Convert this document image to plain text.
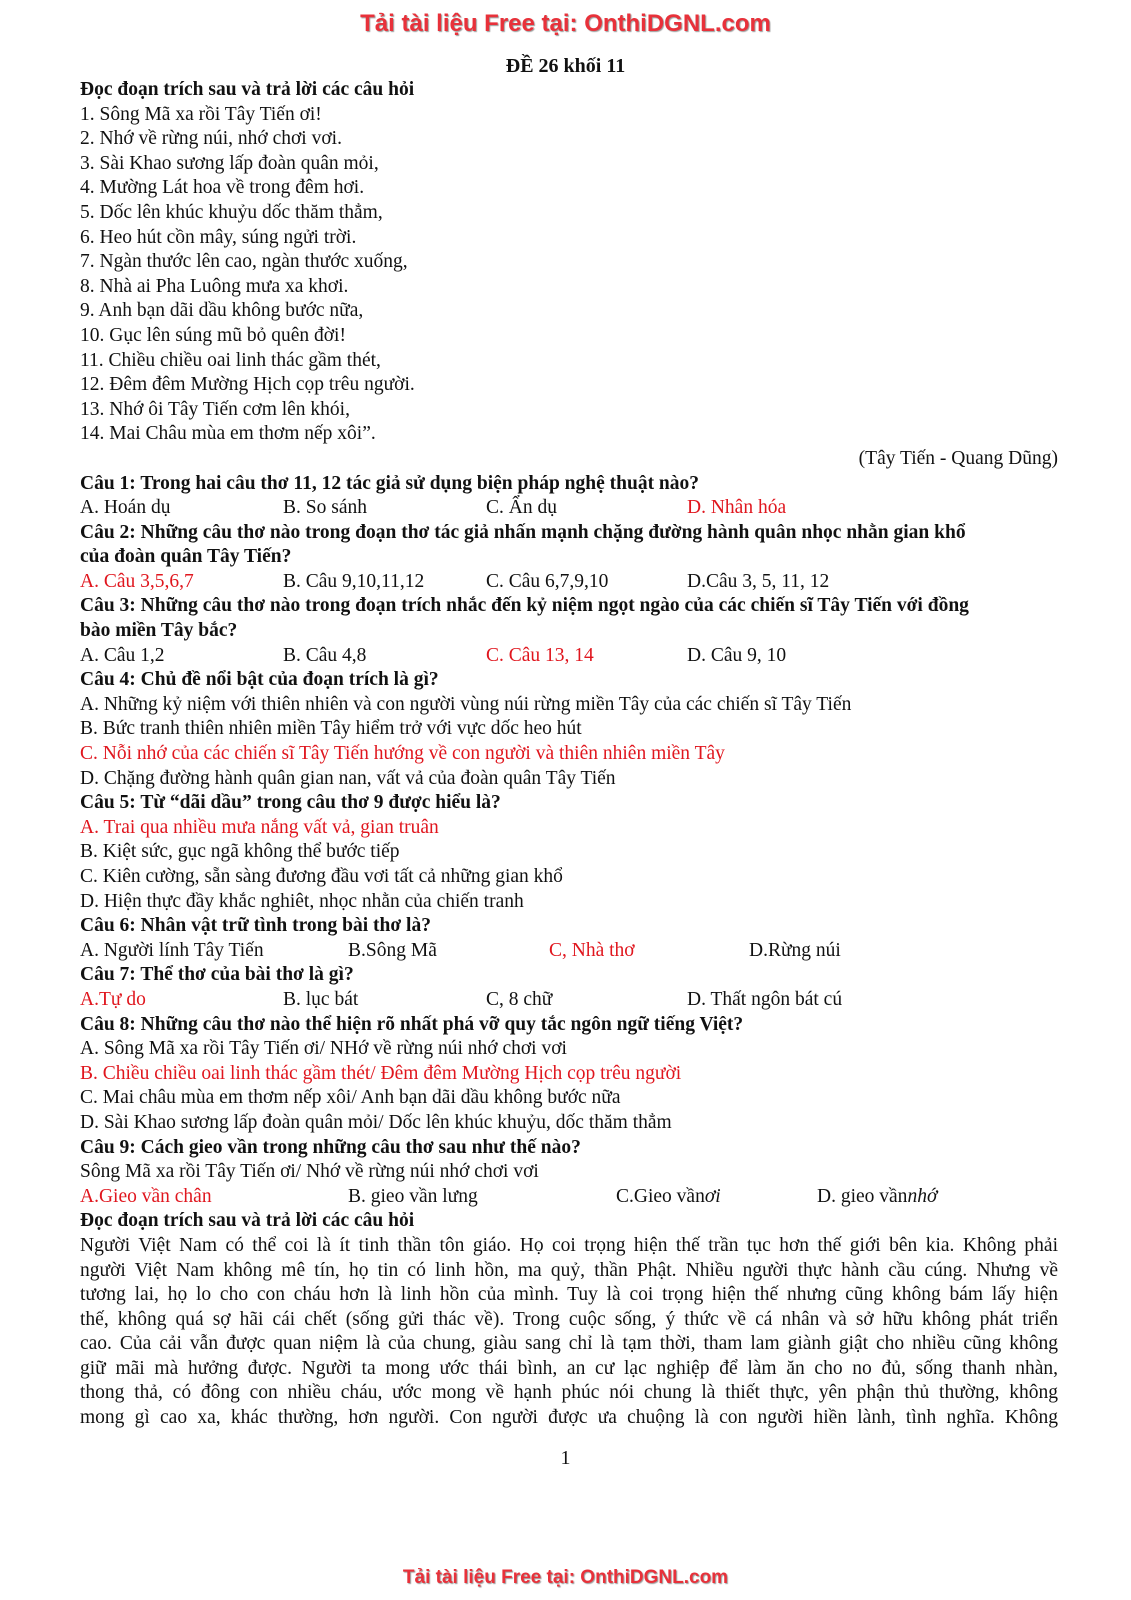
Tải tài liệu Free tại: OnthiDGNL.com
ĐỀ 26 khối 11
Đọc đoạn trích sau và trả lời các câu hỏi
1. Sông Mã xa rồi Tây Tiến ơi!
2. Nhớ về rừng núi, nhớ chơi vơi.
3. Sài Khao sương lấp đoàn quân mỏi,
4. Mường Lát hoa về trong đêm hơi.
5. Dốc lên khúc khuỷu dốc thăm thẳm,
6. Heo hút cồn mây, súng ngửi trời.
7. Ngàn thước lên cao, ngàn thước xuống,
8. Nhà ai Pha Luông mưa xa khơi.
9. Anh bạn dãi dầu không bước nữa,
10. Gục lên súng mũ bỏ quên đời!
11. Chiều chiều oai linh thác gầm thét,
12. Đêm đêm Mường Hịch cọp trêu người.
13. Nhớ ôi Tây Tiến cơm lên khói,
14. Mai Châu mùa em thơm nếp xôi”.
(Tây Tiến - Quang Dũng)
Câu 1: Trong hai câu thơ 11, 12 tác giả sử dụng biện pháp nghệ thuật nào?
A. Hoán dụ	B. So sánh	C. Ẩn dụ	D. Nhân hóa
Câu 2: Những câu thơ nào trong đoạn thơ tác giả nhấn mạnh chặng đường hành quân nhọc nhằn gian khổ
của đoàn quân Tây Tiến?
A. Câu 3,5,6,7	B. Câu 9,10,11,12	C. Câu 6,7,9,10	D.Câu 3, 5, 11, 12
Câu 3: Những câu thơ nào trong đoạn trích nhắc đến kỷ niệm ngọt ngào của các chiến sĩ Tây Tiến với đồng
bào miền Tây bắc?
A. Câu 1,2	B. Câu 4,8	C. Câu 13, 14	D. Câu 9, 10
Câu 4: Chủ đề nổi bật của đoạn trích là gì?
A. Những kỷ niệm với thiên nhiên và con người vùng núi rừng miền Tây của các chiến sĩ Tây Tiến
B. Bức tranh thiên nhiên miền Tây hiểm trở với vực dốc heo hút
C. Nỗi nhớ của các chiến sĩ Tây Tiến hướng về con người và thiên nhiên miền Tây
D. Chặng đường hành quân gian nan, vất vả của đoàn quân Tây Tiến
Câu 5: Từ “dãi dầu” trong câu thơ 9 được hiểu là?
A. Trai qua nhiều mưa nắng vất vả, gian truân
B. Kiệt sức, gục ngã không thể bước tiếp
C. Kiên cường, sẵn sàng đương đầu vơi tất cả những gian khổ
D. Hiện thực đầy khắc nghiêt, nhọc nhằn của chiến tranh
Câu 6: Nhân vật trữ tình trong bài thơ là?
A. Người lính Tây Tiến	B.Sông Mã	C, Nhà thơ	D.Rừng núi
Câu 7: Thể thơ của bài thơ là gì?
A.Tự do	B. lục bát	C, 8 chữ	D. Thất ngôn bát cú
Câu 8: Những câu thơ nào thể hiện rõ nhất phá vỡ quy tắc ngôn ngữ tiếng Việt?
A. Sông Mã xa rồi Tây Tiến ơi/ NHớ về rừng núi nhớ chơi vơi
B. Chiều chiều oai linh thác gầm thét/ Đêm đêm Mường Hịch cọp trêu người
C. Mai châu mùa em thơm nếp xôi/ Anh bạn dãi dầu không bước nữa
D. Sài Khao sương lấp đoàn quân mỏi/ Dốc lên khúc khuỷu, dốc thăm thẳm
Câu 9: Cách gieo vần trong những câu thơ sau như thế nào?
Sông Mã xa rồi Tây Tiến ơi/ Nhớ về rừng núi nhớ chơi vơi
A.Gieo vần chân	B. gieo vần lưng	C.Gieo vầnơi	D. gieo vầnnhớ
Đọc đoạn trích sau và trả lời các câu hỏi
Người Việt Nam có thể coi là ít tinh thần tôn giáo. Họ coi trọng hiện thế trần tục hơn thế giới bên kia. Không phải
người Việt Nam không mê tín, họ tin có linh hồn, ma quỷ, thần Phật. Nhiều người thực hành cầu cúng. Nhưng về
tương lai, họ lo cho con cháu hơn là linh hồn của mình. Tuy là coi trọng hiện thế nhưng cũng không bám lấy hiện
thế, không quá sợ hãi cái chết (sống gửi thác về). Trong cuộc sống, ý thức về cá nhân và sở hữu không phát triển
cao. Của cải vẫn được quan niệm là của chung, giàu sang chỉ là tạm thời, tham lam giành giật cho nhiều cũng không
giữ mãi mà hưởng được. Người ta mong ước thái bình, an cư lạc nghiệp để làm ăn cho no đủ, sống thanh nhàn,
thong thả, có đông con nhiều cháu, ước mong về hạnh phúc nói chung là thiết thực, yên phận thủ thường, không
mong gì cao xa, khác thường, hơn người. Con người được ưa chuộng là con người hiền lành, tình nghĩa. Không
1
Tải tài liệu Free tại: OnthiDGNL.com
